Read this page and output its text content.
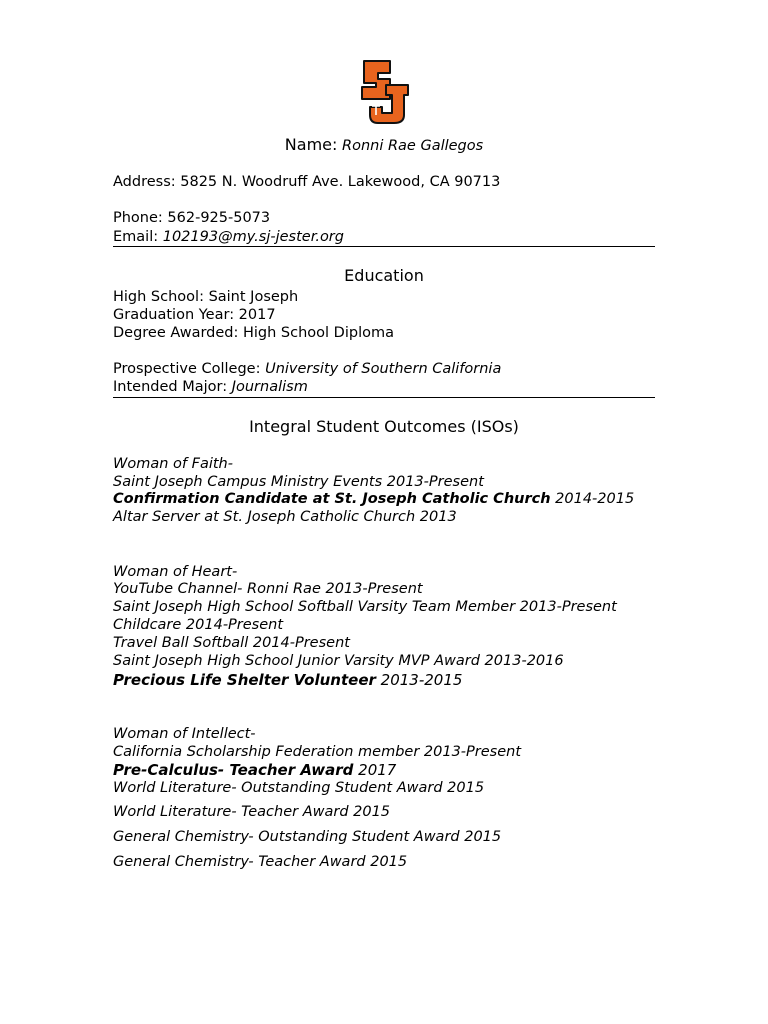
Name: Ronni Rae Gallegos
Address: 5825 N. Woodruff Ave. Lakewood, CA 90713
Phone: 562-925-5073
Email: 102193@my.sj-jester.org
Education
High School: Saint Joseph
Graduation Year: 2017
Degree Awarded: High School Diploma
Prospective College: University of Southern California
Intended Major: Journalism
Integral Student Outcomes (ISOs)
Woman of Faith-
Saint Joseph Campus Ministry Events 2013-Present
Confirmation Candidate at St. Joseph Catholic Church 2014-2015
Altar Server at St. Joseph Catholic Church 2013
Woman of Heart-
YouTube Channel- Ronni Rae 2013-Present
Saint Joseph High School Softball Varsity Team Member 2013-Present
Childcare 2014-Present
Travel Ball Softball 2014-Present
Saint Joseph High School Junior Varsity MVP Award 2013-2016
Precious Life Shelter Volunteer 2013-2015
Woman of Intellect-
California Scholarship Federation member 2013-Present
Pre-Calculus- Teacher Award 2017
World Literature- Outstanding Student Award 2015
World Literature- Teacher Award 2015
General Chemistry- Outstanding Student Award 2015
General Chemistry- Teacher Award 2015
